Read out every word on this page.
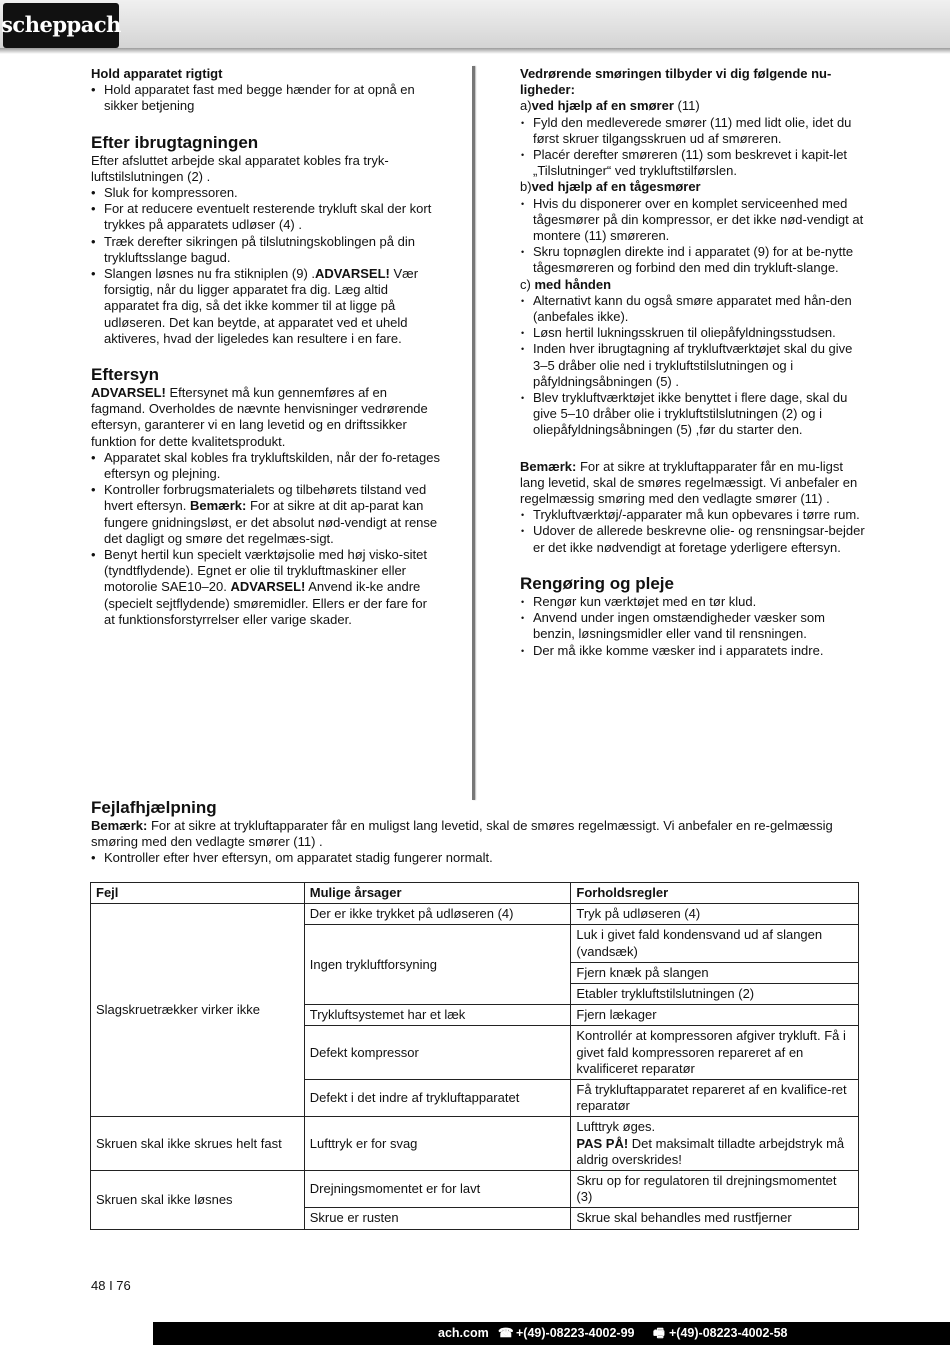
scheppach

Hold apparatet rigtigt

• Hold apparatet fast med begge hænder for at opnå en sikker betjening
Efter ibrugtagningen

Efter afsluttet arbejde skal apparatet kobles fra tryk-luftstilslutningen (2) .

• Sluk for kompressoren.
• For at reducere eventuelt resterende trykluft skal der kort trykkes på apparatets udløser (4) .
• Træk derefter sikringen på tilslutningskoblingen på din trykluftsslange bagud.
• Slangen løsnes nu fra stikniplen (9) .ADVARSEL! Vær forsigtig, når du ligger apparatet fra dig. Læg altid apparatet fra dig, så det ikke kommer til at ligge på udløseren. Det kan beytde, at apparatet ved et uheld aktiveres, hvad der ligeledes kan resultere i en fare.
Eftersyn

ADVARSEL! Eftersynet må kun gennemføres af en fagmand. Overholdes de nævnte henvisninger vedrørende eftersyn, garanterer vi en lang levetid og en driftssikker funktion for dette kvalitetsprodukt.

• Apparatet skal kobles fra trykluftskilden, når der fo-retages eftersyn og plejning.
• Kontroller forbrugsmaterialets og tilbehørets tilstand ved hvert eftersyn. Bemærk: For at sikre at dit ap-parat kan fungere gnidningsløst, er det absolut nød-vendigt at rense det dagligt og smøre det regelmæs-sigt.
• Benyt hertil kun specielt værktøjsolie med høj visko-sitet (tyndtflydende). Egnet er olie til trykluftmaskiner eller motorolie SAE10–20. ADVARSEL! Anvend ik-ke andre (specielt sejtflydende) smøremidler. Ellers er der fare for at funktionsforstyrrelser eller varige skader.

Vedrørende smøringen tilbyder vi dig følgende nu-ligheder:

a)ved hjælp af en smører (11)

• Fyld den medleverede smører (11) med lidt olie, idet du først skruer tilgangsskruen ud af smøreren.
• Placér derefter smøreren (11) som beskrevet i kapit-let „Tilslutninger“ ved trykluftstilførslen.

b)ved hjælp af en tågesmører

• Hvis du disponerer over en komplet serviceenhed med tågesmører på din kompressor, er det ikke nød-vendigt at montere (11) smøreren.
• Skru topnøglen direkte ind i apparatet (9) for at be-nytte tågesmøreren og forbind den med din trykluft-slange.

c) med hånden

• Alternativt kann du også smøre apparatet med hån-den (anbefales ikke).
• Løsn hertil lukningsskruen til oliepåfyldningsstudsen.
• Inden hver ibrugtagning af trykluftværktøjet skal du give 3–5 dråber olie ned i trykluftstilslutningen og i påfyldningsåbningen (5) .
• Blev trykluftværktøjet ikke benyttet i flere dage, skal du give 5–10 dråber olie i trykluftstilslutningen (2) og i oliepåfyldningsåbningen (5) ,før du starter den.

Bemærk: For at sikre at trykluftapparater får en mu-ligst lang levetid, skal de smøres regelmæssigt. Vi anbefaler en regelmæssig smøring med den vedlagte smører (11) .

• Trykluftværktøj/-apparater må kun opbevares i tørre rum.
• Udover de allerede beskrevne olie- og rensningsar-bejder er det ikke nødvendigt at foretage yderligere eftersyn.
Rengøring og pleje
• Rengør kun værktøjet med en tør klud.
• Anvend under ingen omstændigheder væsker som benzin, løsningsmidler eller vand til rensningen.
• Der må ikke komme væsker ind i apparatets indre.
Fejlafhjælpning

Bemærk: For at sikre at trykluftapparater får en muligst lang levetid, skal de smøres regelmæssigt. Vi anbefaler en re-gelmæssig smøring med den vedlagte smører (11) .

• Kontroller efter hver eftersyn, om apparatet stadig fungerer normalt.
Fejl	Mulige årsager	Forholdsregler
Slagskruetrækker virker ikke	Der er ikke trykket på udløseren (4)	Tryk på udløseren (4)
	Ingen trykluftforsyning	Luk i givet fald kondensvand ud af slangen (vandsæk)
		Fjern knæk på slangen
		Etabler trykluftstilslutningen (2)
	Trykluftsystemet har et læk	Fjern lækager
	Defekt kompressor	Kontrollér at kompressoren afgiver trykluft. Få i givet fald kompressoren repareret af en kvalificeret reparatør
	Defekt i det indre af trykluftapparatet	Få trykluftapparatet repareret af en kvalifice-ret reparatør
Skruen skal ikke skrues helt fast	Lufttryk er for svag	Lufttryk øges.
PAS PÅ! Det maksimalt tilladte arbejdstryk må aldrig overskrides!
Skruen skal ikke løsnes	Drejningsmomentet er for lavt	Skru op for regulatoren til drejningsmomentet (3)
	Skrue er rusten	Skrue skal behandles med rustfjerner
48 I 76
ach.com ☎ +(49)-08223-4002-99 🖷 +(49)-08223-4002-58
